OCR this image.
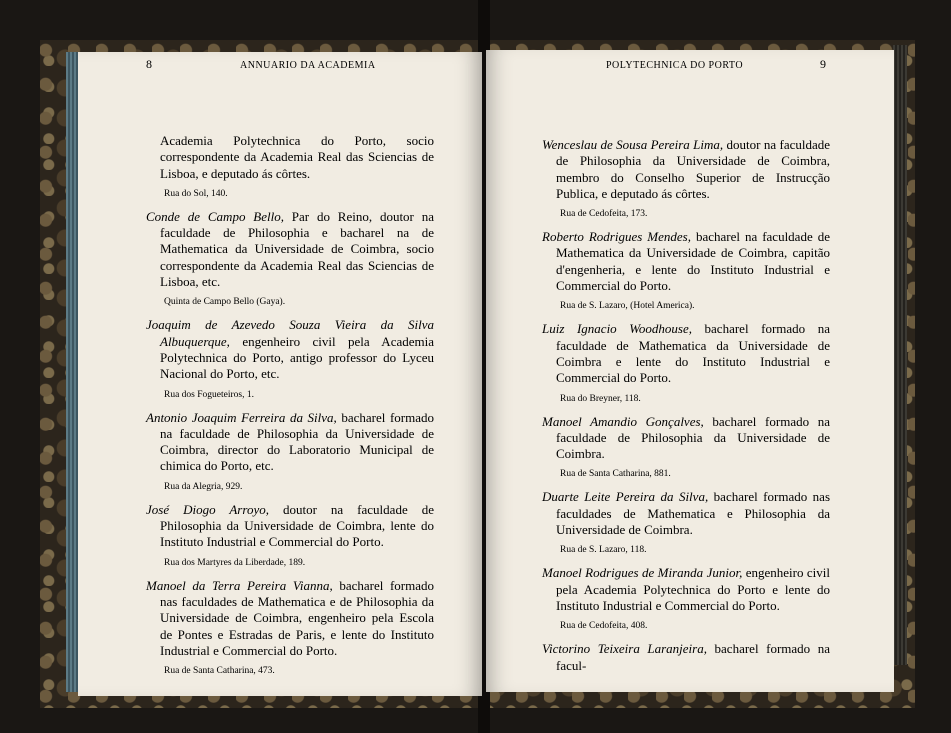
8	ANNUARIO DA ACADEMIA	POLYTECHNICA DO PORTO	9

Academia Polytechnica do Porto, socio correspondente da Academia Real das Sciencias de Lisboa, e deputado ás côrtes.

Rua do Sol, 140.

Conde de Campo Bello, Par do Reino, doutor na faculdade de Philosophia e bacharel na de Mathematica da Universidade de Coimbra, socio correspondente da Academia Real das Sciencias de Lisboa, etc.

Quinta de Campo Bello (Gaya).

Joaquim de Azevedo Souza Vieira da Silva Albuquerque, engenheiro civil pela Academia Polytechnica do Porto, antigo professor do Lyceu Nacional do Porto, etc.

Rua dos Fogueteiros, 1.

Antonio Joaquim Ferreira da Silva, bacharel formado na faculdade de Philosophia da Universidade de Coimbra, director do Laboratorio Municipal de chimica do Porto, etc.

Rua da Alegria, 929.

José Diogo Arroyo, doutor na faculdade de Philosophia da Universidade de Coimbra, lente do Instituto Industrial e Commercial do Porto.

Rua dos Martyres da Liberdade, 189.

Manoel da Terra Pereira Vianna, bacharel formado nas faculdades de Mathematica e de Philosophia da Universidade de Coimbra, engenheiro pela Escola de Pontes e Estradas de Paris, e lente do Instituto Industrial e Commercial do Porto.

Rua de Santa Catharina, 473.

Wenceslau de Sousa Pereira Lima, doutor na faculdade de Philosophia da Universidade de Coimbra, membro do Conselho Superior de Instrucção Publica, e deputado ás côrtes.

Rua de Cedofeita, 173.

Roberto Rodrigues Mendes, bacharel na faculdade de Mathematica da Universidade de Coimbra, capitão d'engenheria, e lente do Instituto Industrial e Commercial do Porto.

Rua de S. Lazaro, (Hotel America).

Luiz Ignacio Woodhouse, bacharel formado na faculdade de Mathematica da Universidade de Coimbra e lente do Instituto Industrial e Commercial do Porto.

Rua do Breyner, 118.

Manoel Amandio Gonçalves, bacharel formado na faculdade de Philosophia da Universidade de Coimbra.

Rua de Santa Catharina, 881.

Duarte Leite Pereira da Silva, bacharel formado nas faculdades de Mathematica e Philosophia da Universidade de Coimbra.

Rua de S. Lazaro, 118.

Manoel Rodrigues de Miranda Junior, engenheiro civil pela Academia Polytechnica do Porto e lente do Instituto Industrial e Commercial do Porto.

Rua de Cedofeita, 408.

Victorino Teixeira Laranjeira, bacharel formado na facul-
